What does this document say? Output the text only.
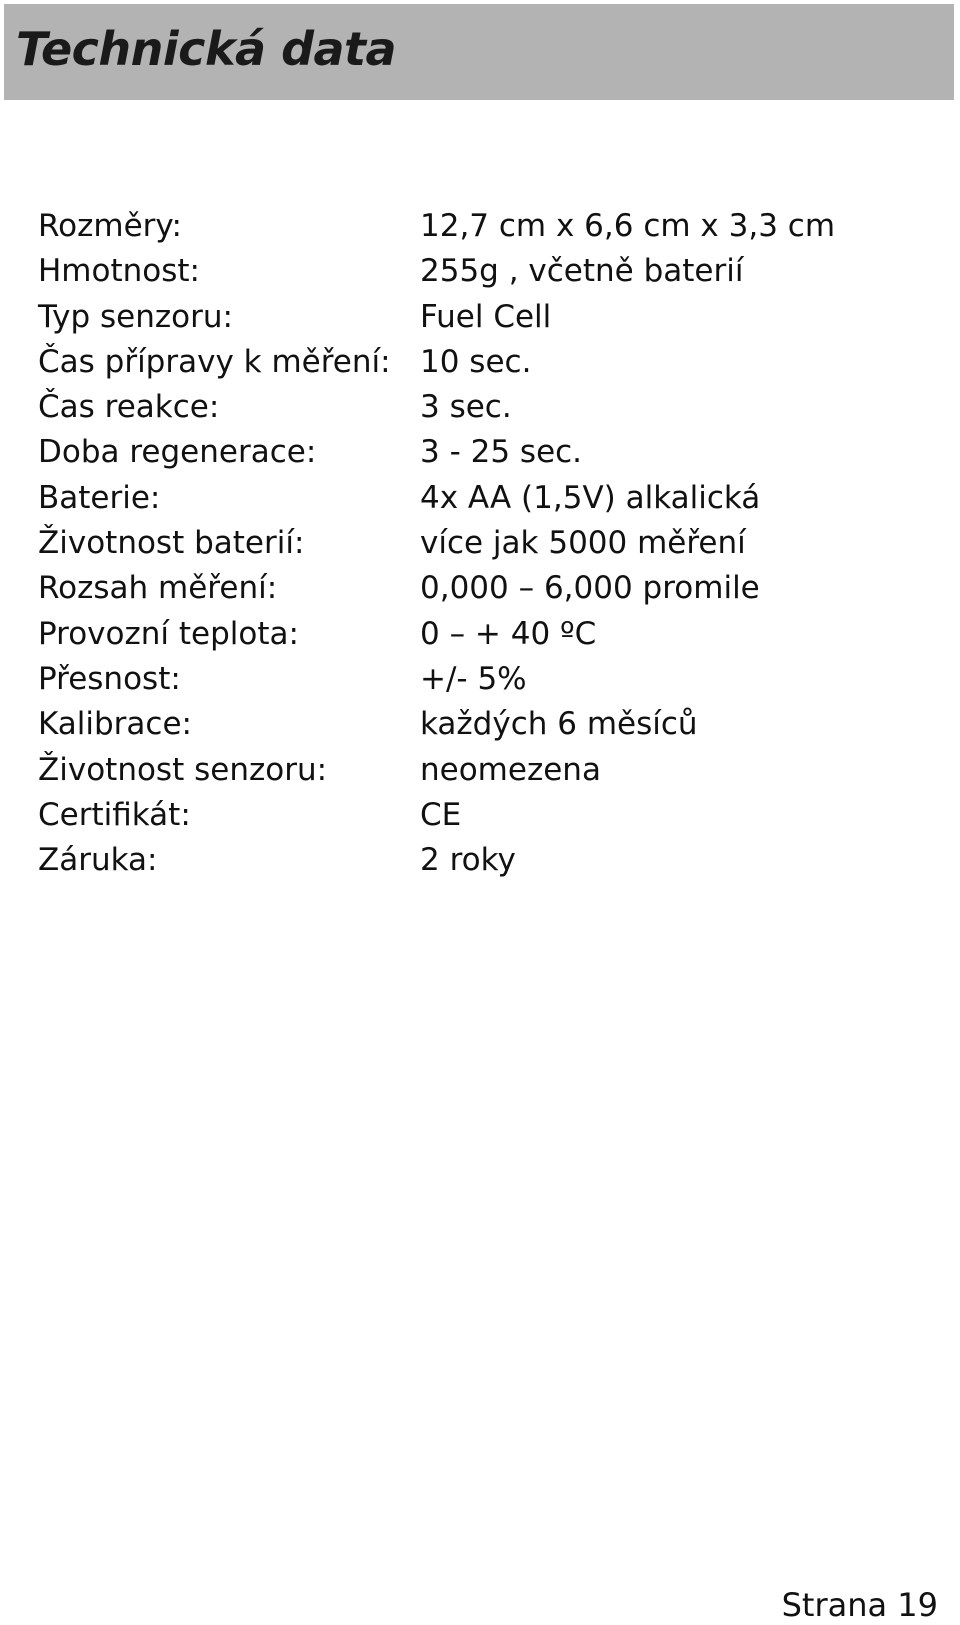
Technická data
Rozměry:	12,7 cm x 6,6 cm x 3,3 cm
Hmotnost:	255g , včetně baterií
Typ senzoru:	Fuel Cell
Čas přípravy k měření: 10 sec.
Čas reakce:	3 sec.
Doba regenerace:	3 - 25 sec.
Baterie:	4x AA (1,5V) alkalická
Životnost baterií:	více jak 5000 měření
Rozsah měření:	0,000 – 6,000 promile
Provozní teplota:	0 – + 40 ºC
Přesnost:	+/- 5%
Kalibrace:	každých 6 měsíců
Životnost senzoru:	neomezena
Certifikát:	CE
Záruka:	2 roky
Strana 19
